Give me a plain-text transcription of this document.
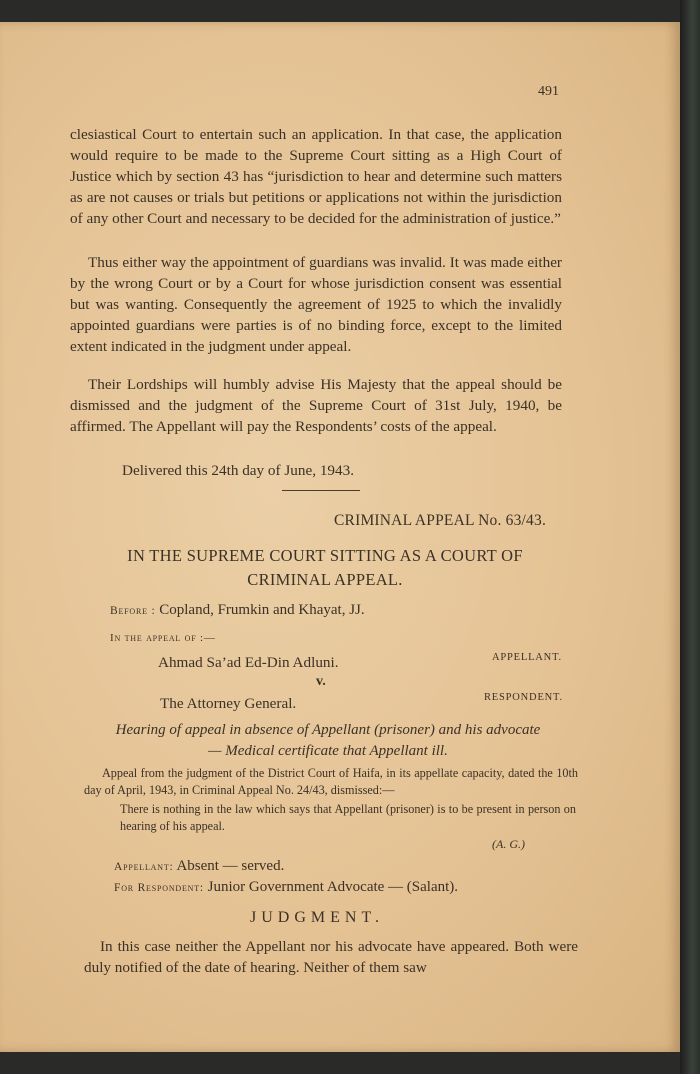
491

clesiastical Court to entertain such an application. In that case, the application would require to be made to the Supreme Court sitting as a High Court of Justice which by section 43 has “jurisdiction to hear and determine such matters as are not causes or trials but petitions or applications not within the jurisdiction of any other Court and necessary to be decided for the administration of justice.”

Thus either way the appointment of guardians was invalid. It was made either by the wrong Court or by a Court for whose jurisdiction consent was essential but was wanting. Consequently the agreement of 1925 to which the invalidly appointed guardians were parties is of no binding force, except to the limited extent indicated in the judgment under appeal.

Their Lordships will humbly advise His Majesty that the appeal should be dismissed and the judgment of the Supreme Court of 31st July, 1940, be affirmed. The Appellant will pay the Respondents’ costs of the appeal.

Delivered this 24th day of June, 1943.
CRIMINAL APPEAL No. 63/43.
IN THE SUPREME COURT SITTING AS A COURT OF
CRIMINAL APPEAL.
Before : Copland, Frumkin and Khayat, JJ.
In the appeal of :—
Ahmad Sa’ad Ed-Din Adluni.	APPELLANT.
v.
The Attorney General.	RESPONDENT.
Hearing of appeal in absence of Appellant (prisoner) and his advocate
— Medical certificate that Appellant ill.

Appeal from the judgment of the District Court of Haifa, in its appellate capacity, dated the 10th day of April, 1943, in Criminal Appeal No. 24/43, dismissed:—

There is nothing in the law which says that Appellant (prisoner) is to be present in person on hearing of his appeal.

(A. G.)
Appellant: Absent — served.
For Respondent: Junior Government Advocate — (Salant).
JUDGMENT.

In this case neither the Appellant nor his advocate have appeared. Both were duly notified of the date of hearing. Neither of them saw
